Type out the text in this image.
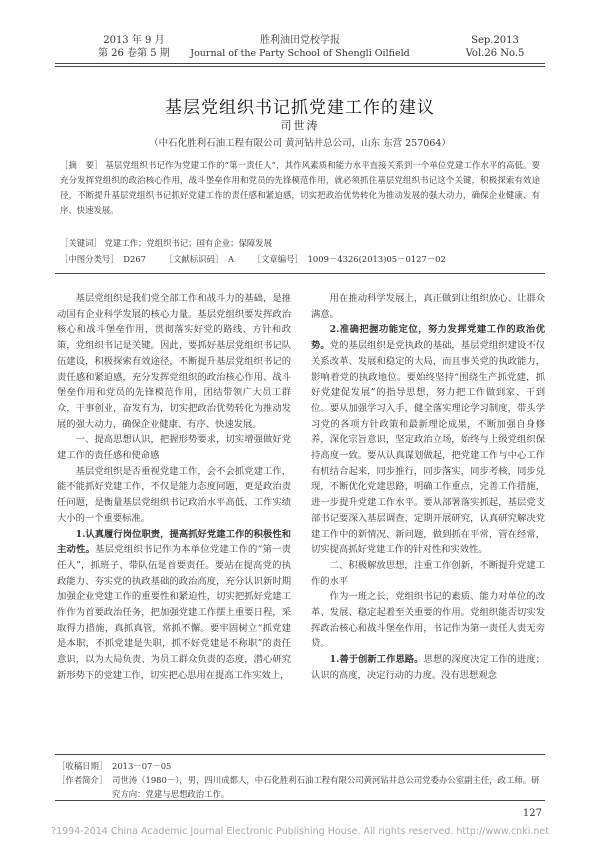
2013 年 9 月
第 26 卷第 5 期
胜利油田党校学报
Journal of the Party School of Shengli Oilfield
Sep.2013
Vol.26 No.5
基层党组织书记抓党建工作的建议
司世涛
（中石化胜利石油工程有限公司 黄河钻井总公司，山东 东营 257064）
［摘　要］ 基层党组织书记作为党建工作的“第一责任人”，其作风素质和能力水平直接关系到一个单位党建工作水平的高低。要充分发挥党组织的政治核心作用，战斗堡垒作用和党员的先锋模范作用，就必须抓住基层党组织书记这个关键，积极探索有效途径，不断提升基层党组织书记抓好党建工作的责任感和紧迫感，切实把政治优势转化为推动发展的强大动力，确保企业健康、有序、快速发展。
［关键词］ 党建工作；党组织书记；国有企业；保障发展
［中图分类号］ D267 ［文献标识码］ A ［文章编号］ 1009－4326(2013)05－0127－02

基层党组织是我们党全部工作和战斗力的基础，是推动国有企业科学发展的核心力量。基层党组织要发挥政治核心和战斗堡垒作用，贯彻落实好党的路线、方针和政策，党组织书记是关键。因此，要抓好基层党组织书记队伍建设，积极探索有效途径，不断提升基层党组织书记的责任感和紧迫感，充分发挥党组织的政治核心作用、战斗堡垒作用和党员的先锋模范作用，团结带领广大员工群众，干事创业，奋发有为，切实把政治优势转化为推动发展的强大动力，确保企业健康、有序、快速发展。

一、提高思想认识，把握形势要求，切实增强做好党建工作的责任感和使命感

基层党组织是否重视党建工作，会不会抓党建工作，能不能抓好党建工作，不仅是能力态度问题，更是政治责任问题，是衡量基层党组织书记政治水平高低、工作实绩大小的一个重要标准。

1.认真履行岗位职责，提高抓好党建工作的积极性和主动性。基层党组织书记作为本单位党建工作的“第一责任人”，抓班子、带队伍是首要责任。要站在提高党的执政能力、夯实党的执政基础的政治高度，充分认识新时期加强企业党建工作的重要性和紧迫性，切实把抓好党建工作作为首要政治任务，把加强党建工作摆上重要日程，采取得力措施，真抓真管，常抓不懈。要牢固树立“抓党建是本职，不抓党建是失职，抓不好党建是不称职”的责任意识，以为大局负责、为员工群众负责的态度，潜心研究新形势下的党建工作，切实把心思用在提高工作实效上，

用在推动科学发展上，真正做到让组织放心、让群众满意。

2.准确把握功能定位，努力发挥党建工作的政治优势。党的基层组织是党执政的基础，基层党组织建设不仅关系改革、发展和稳定的大局，而且事关党的执政能力，影响着党的执政地位。要始终坚持“围绕生产抓党建，抓好党建促发展”的指导思想，努力把工作做到家、干到位。要从加强学习入手，健全落实理论学习制度，带头学习党的各项方针政策和最新理论成果，不断加强自身修养，深化宗旨意识，坚定政治立场，始终与上级党组织保持高度一致。要从认真谋划做起，把党建工作与中心工作有机结合起来，同步推行，同步落实，同步考核，同步兑现，不断优化党建思路，明确工作重点，完善工作措施，进一步提升党建工作水平。要从部署落实抓起，基层党支部书记要深入基层调查，定期开展研究，认真研究解决党建工作中的新情况、新问题，做到抓在平常，管在经常，切实提高抓好党建工作的针对性和实效性。

二、积极解放思想，注重工作创新，不断提升党建工作的水平

作为一班之长，党组织书记的素质、能力对单位的改革、发展、稳定起着至关重要的作用。党组织能否切实发挥政治核心和战斗堡垒作用，书记作为第一责任人责无旁贷。

1.善于创新工作思路。思想的深度决定工作的进度；认识的高度，决定行动的力度。没有思想观念

［收稿日期］ 2013－07－05
［作者简介］ 司世涛（1980－），男，四川成都人，中石化胜利石油工程有限公司黄河钻井总公司党委办公室副主任，政工师。研究方向：党建与思想政治工作。
127
?1994-2014 China Academic Journal Electronic Publishing House. All rights reserved. http://www.cnki.net
